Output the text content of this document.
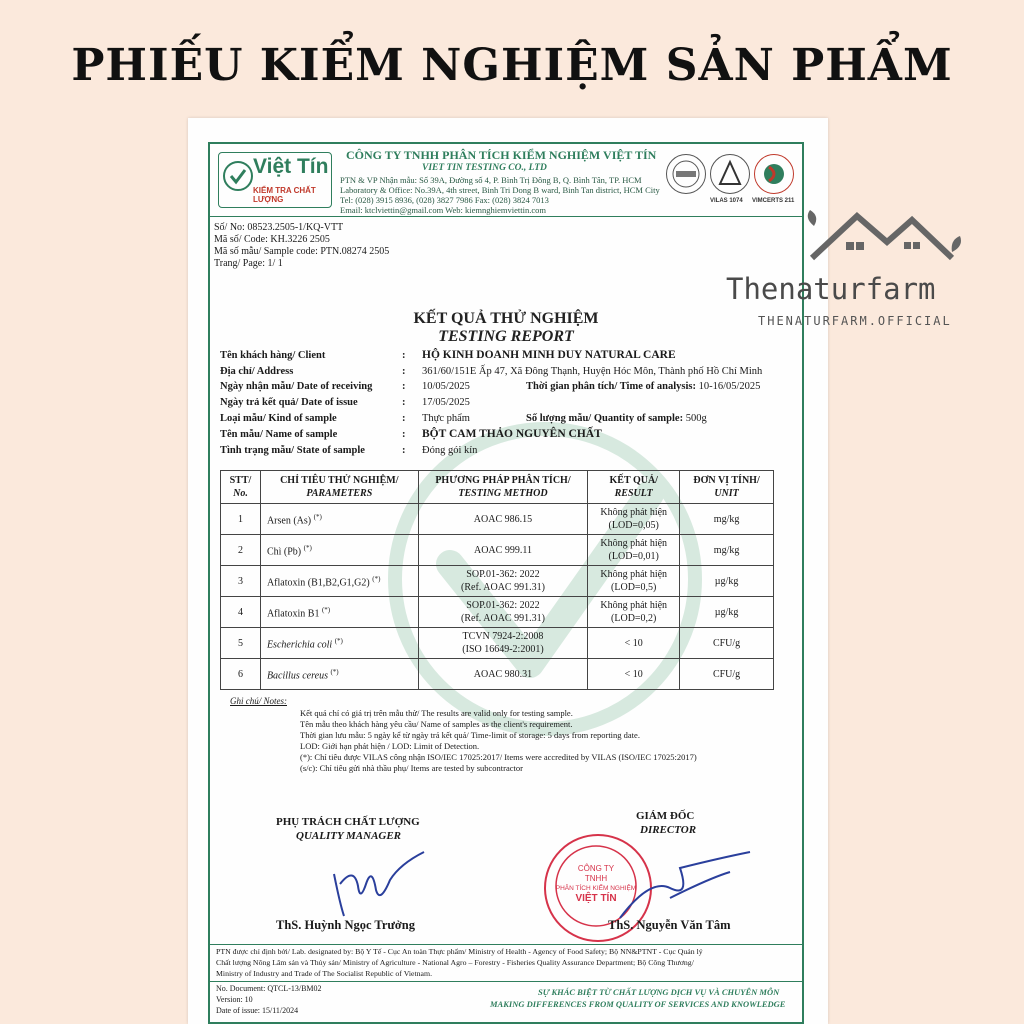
PHIẾU KIỂM NGHIỆM SẢN PHẨM
Việt Tín
KIỂM TRA CHẤT LƯỢNG
CÔNG TY TNHH PHÂN TÍCH KIỂM NGHIỆM VIỆT TÍN
VIET TIN TESTING CO., LTD
PTN & VP Nhận mẫu: Số 39A, Đường số 4, P. Bình Trị Đông B, Q. Bình Tân, TP. HCM
Laboratory & Office: No.39A, 4th street, Binh Tri Dong B ward, Binh Tan district, HCM City
Tel: (028) 3915 8936, (028) 3827 7986 Fax: (028) 3824 7013
Email: ktclviettin@gmail.com Web: kiemnghiemviettin.com
VILAS 1074 VIMCERTS 211
Số/ No: 08523.2505-1/KQ-VTT
Mã số/ Code: KH.3226 2505
Mã số mẫu/ Sample code: PTN.08274 2505
Trang/ Page: 1/ 1
KẾT QUẢ THỬ NGHIỆM
TESTING REPORT
Tên khách hàng/ Client	: HỘ KINH DOANH MINH DUY NATURAL CARE
Địa chỉ/ Address	: 361/60/151E Ấp 47, Xã Đông Thạnh, Huyện Hóc Môn, Thành phố Hồ Chí Minh
Ngày nhận mẫu/ Date of receiving	: 10/05/2025	Thời gian phân tích/ Time of analysis: 10-16/05/2025
Ngày trả kết quả/ Date of issue	: 17/05/2025
Loại mẫu/ Kind of sample	: Thực phẩm	Số lượng mẫu/ Quantity of sample: 500g
Tên mẫu/ Name of sample	: BỘT CAM THẢO NGUYÊN CHẤT
Tình trạng mẫu/ State of sample	: Đóng gói kín
STT/
No.	CHỈ TIÊU THỬ NGHIỆM/
PARAMETERS	PHƯƠNG PHÁP PHÂN TÍCH/
TESTING METHOD	KẾT QUẢ/
RESULT	ĐƠN VỊ TÍNH/
UNIT
1	Arsen (As) (*)	AOAC 986.15	Không phát hiện
(LOD=0,05)	mg/kg
2	Chì (Pb) (*)	AOAC 999.11	Không phát hiện
(LOD=0,01)	mg/kg
3	Aflatoxin (B1,B2,G1,G2) (*)	SOP.01-362: 2022
(Ref. AOAC 991.31)	Không phát hiện
(LOD=0,5)	µg/kg
4	Aflatoxin B1 (*)	SOP.01-362: 2022
(Ref. AOAC 991.31)	Không phát hiện
(LOD=0,2)	µg/kg
5	Escherichia coli (*)	TCVN 7924-2:2008
(ISO 16649-2:2001)	< 10	CFU/g
6	Bacillus cereus (*)	AOAC 980.31	< 10	CFU/g
Ghi chú/ Notes:
Kết quả chỉ có giá trị trên mẫu thử/ The results are valid only for testing sample.
Tên mẫu theo khách hàng yêu cầu/ Name of samples as the client's requirement.
Thời gian lưu mẫu: 5 ngày kể từ ngày trả kết quả/ Time-limit of storage: 5 days from reporting date.
LOD: Giới hạn phát hiện / LOD: Limit of Detection.
(*): Chỉ tiêu được VILAS công nhận ISO/IEC 17025:2017/ Items were accredited by VILAS (ISO/IEC 17025:2017)
(s/c): Chỉ tiêu gửi nhà thầu phụ/ Items are tested by subcontractor
PHỤ TRÁCH CHẤT LƯỢNG
QUALITY MANAGER
ThS. Huỳnh Ngọc Trưởng
GIÁM ĐỐC
DIRECTOR
CÔNG TY
TNHH
PHÂN TÍCH KIỂM NGHIỆM
VIỆT TÍN
ThS. Nguyễn Văn Tâm
PTN được chỉ định bởi/ Lab. designated by: Bộ Y Tế - Cục An toàn Thực phẩm/ Ministry of Health - Agency of Food Safety; Bộ NN&PTNT - Cục Quản lý
Chất lượng Nông Lâm sản và Thủy sản/ Ministry of Agriculture - National Agro – Forestry - Fisheries Quality Assurance Department; Bộ Công Thương/
Ministry of Industry and Trade of The Socialist Republic of Vietnam.
No. Document: QTCL-13/BM02
Version: 10
Date of issue: 15/11/2024
SỰ KHÁC BIỆT TỪ CHẤT LƯỢNG DỊCH VỤ VÀ CHUYÊN MÔN
MAKING DIFFERENCES FROM QUALITY OF SERVICES AND KNOWLEDGE
Thenaturfarm
THENATURFARM.OFFICIAL
